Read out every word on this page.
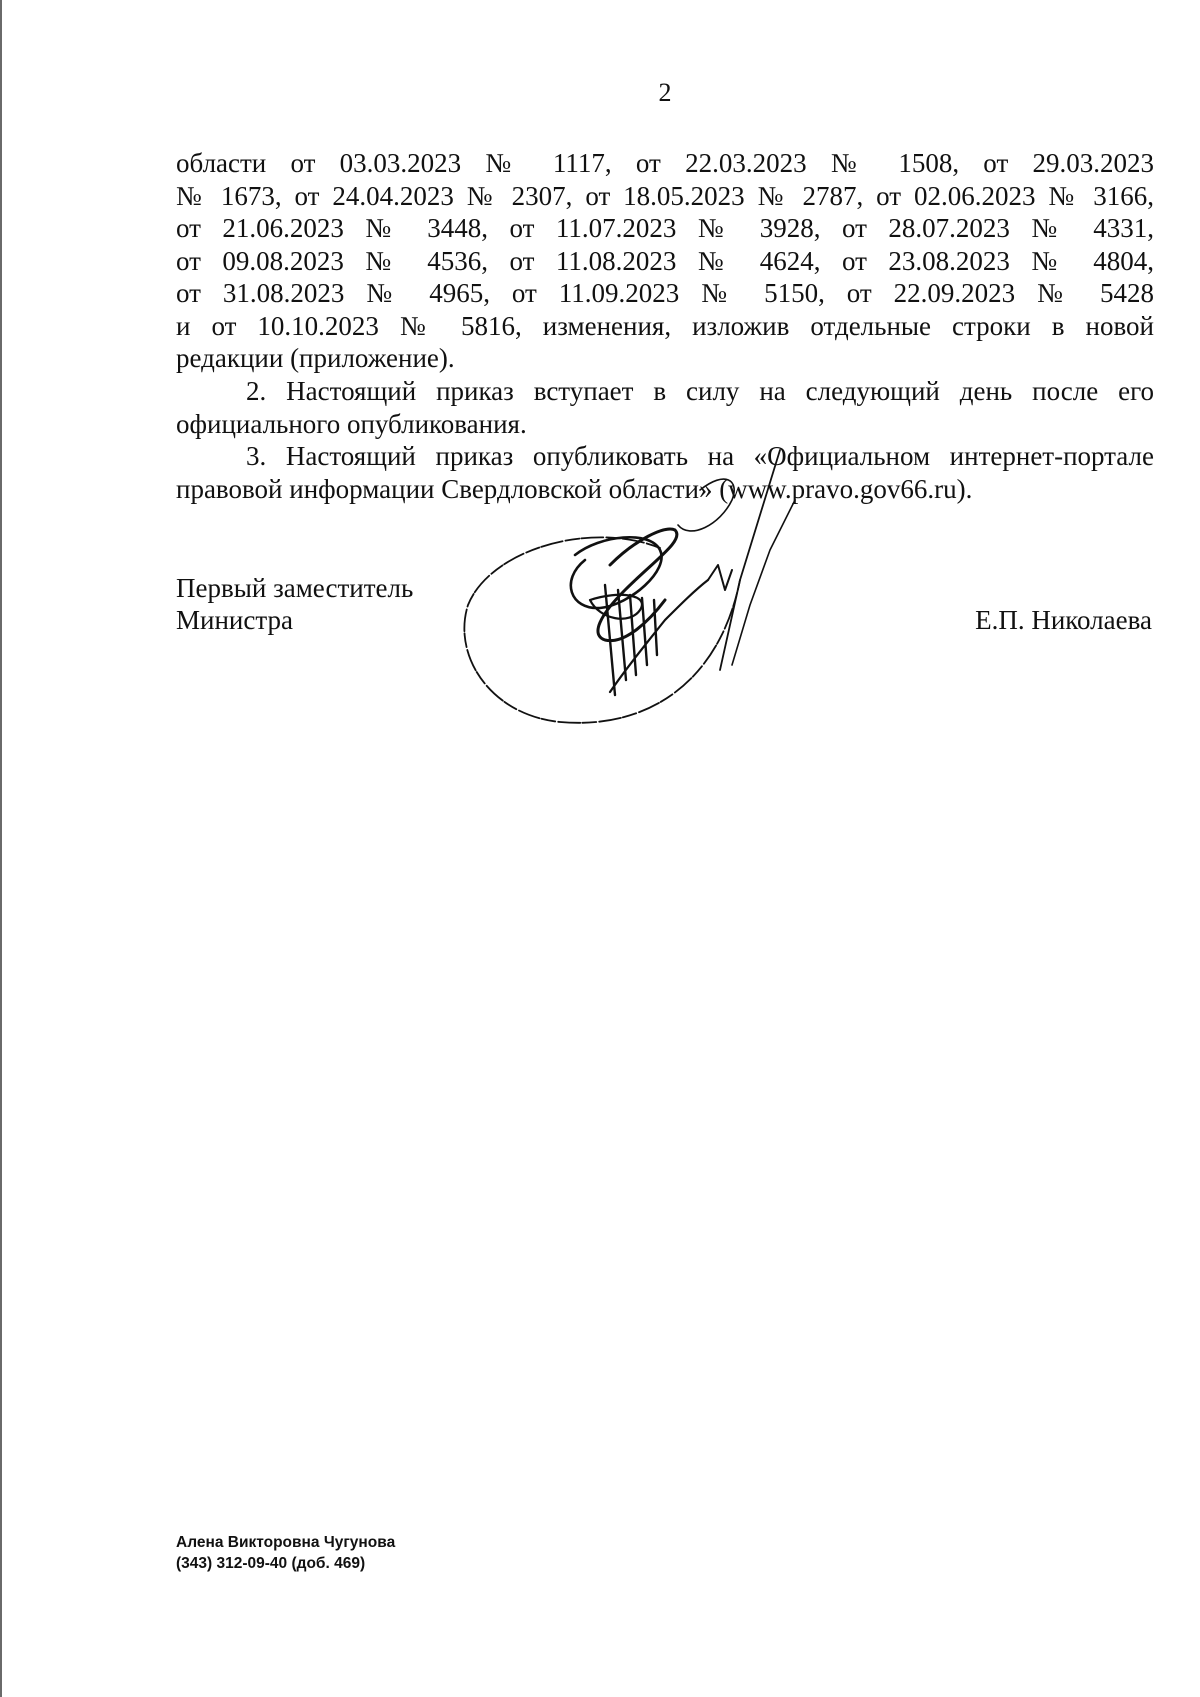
2
области от 03.03.2023 № 1117, от 22.03.2023 № 1508, от 29.03.2023
№ 1673, от 24.04.2023 № 2307, от 18.05.2023 № 2787, от 02.06.2023 № 3166,
от 21.06.2023 № 3448, от 11.07.2023 № 3928, от 28.07.2023 № 4331,
от 09.08.2023 № 4536, от 11.08.2023 № 4624, от 23.08.2023 № 4804,
от 31.08.2023 № 4965, от 11.09.2023 № 5150, от 22.09.2023 № 5428
и от 10.10.2023 № 5816, изменения, изложив отдельные строки в новой
редакции (приложение).
2. Настоящий приказ вступает в силу на следующий день после его
официального опубликования.
3. Настоящий приказ опубликовать на «Официальном интернет-портале
правовой информации Свердловской области» (www.pravo.gov66.ru).
Первый заместитель
Министра	Е.П. Николаева
Алена Викторовна Чугунова
(343) 312-09-40 (доб. 469)
